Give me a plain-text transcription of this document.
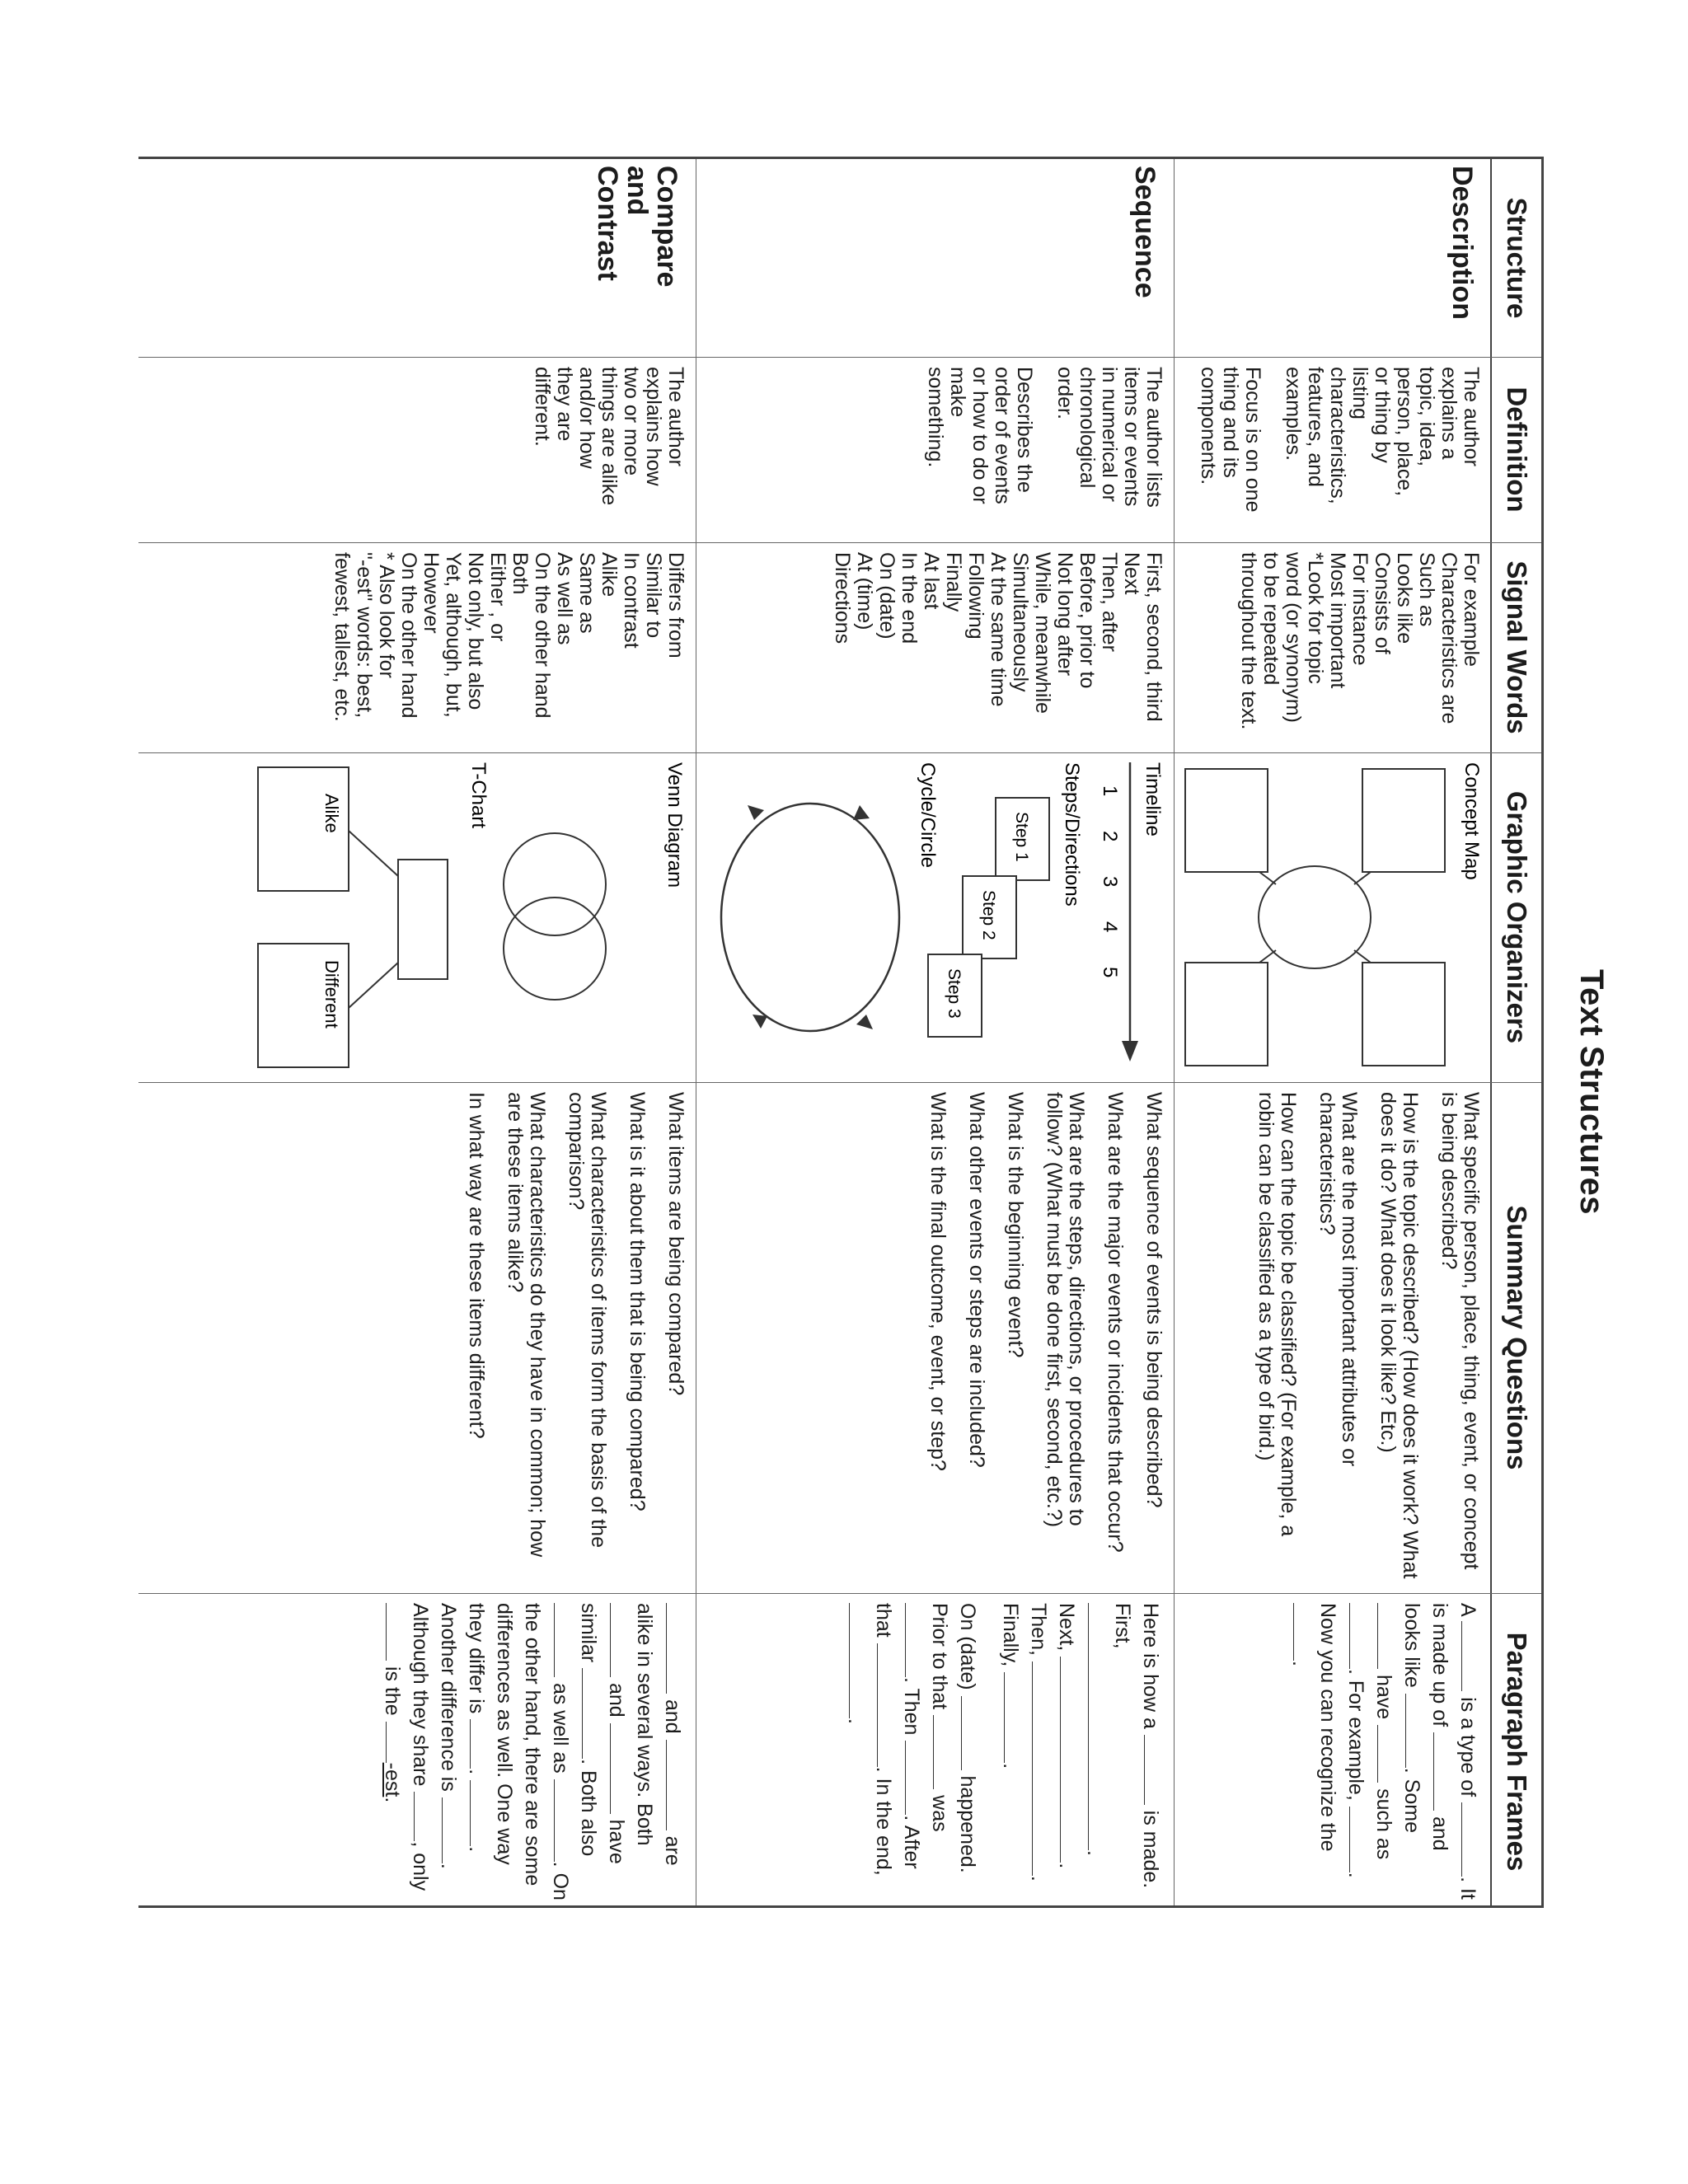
Text Structures
Structure
Definition
Signal Words
Graphic Organizers
Summary Questions
Paragraph Frames
Description
The author
explains a
topic, idea,
person, place,
or thing by
listing
characteristics,
features, and
examples.
Focus is on one
thing and its
components.
For example
Characteristics are
Such as
Looks like
Consists of
For instance
Most important
*Look for topic
word (or synonym)
to be repeated
throughout the text.
Concept Map
What specific person, place, thing, event, or concept is being described?
How is the topic described? (How does it work? What does it do? What does it look like? Etc.)
What are the most important attributes or characteristics?
How can the topic be classified? (For example, a robin can be classified as a type of bird.)
A  is a type of . It is made up of  and looks like . Some  have  such as . For example, . Now you can recognize the .
Sequence
The author lists
items or events
in numerical or
chronological
order.
Describes the
order of events
or how to do or
make
something.
First, second, third
Next
Then, after
Before, prior to
Not long after
While, meanwhile
Simultaneously
At the same time
Following
Finally
At last
In the end
On (date)
At (time)
Directions
Timeline
1
2
3
4
5
Steps/Directions
Step 1
Step 2
Step 3
Cycle/Circle
What sequence of events is being described?
What are the major events or incidents that occur?
What are the steps, directions, or procedures to follow? (What must be done first, second, etc.?)
What is the beginning event?
What other events or steps are included?
What is the final outcome, event, or step?
Here is how a  is made. First, . Next, . Then, . Finally, .
On (date)  happened. Prior to that  was . Then . After that . In the end, .
Compare
and
Contrast
The author
explains how
two or more
things are alike
and/or how
they are
different.
Differs from
Similar to
In contrast
Alike
Same as
As well as
On the other hand
Both
Either , or
Not only, but also
Yet, although, but,
However
On the other hand
* Also look for
"-est" words: best,
fewest, tallest, etc.
Venn Diagram
T-Chart
Alike
Different
What items are being compared?
What is it about them that is being compared?
What characteristics of items form the basis of the comparison?
What characteristics do they have in common; how are these items alike?
In what way are these items different?
and  are alike in several ways. Both  and  have similar . Both also  as well as . On the other hand, there are some differences as well. One way they differ is . . Another difference is . Although they share , only  is the -est.
